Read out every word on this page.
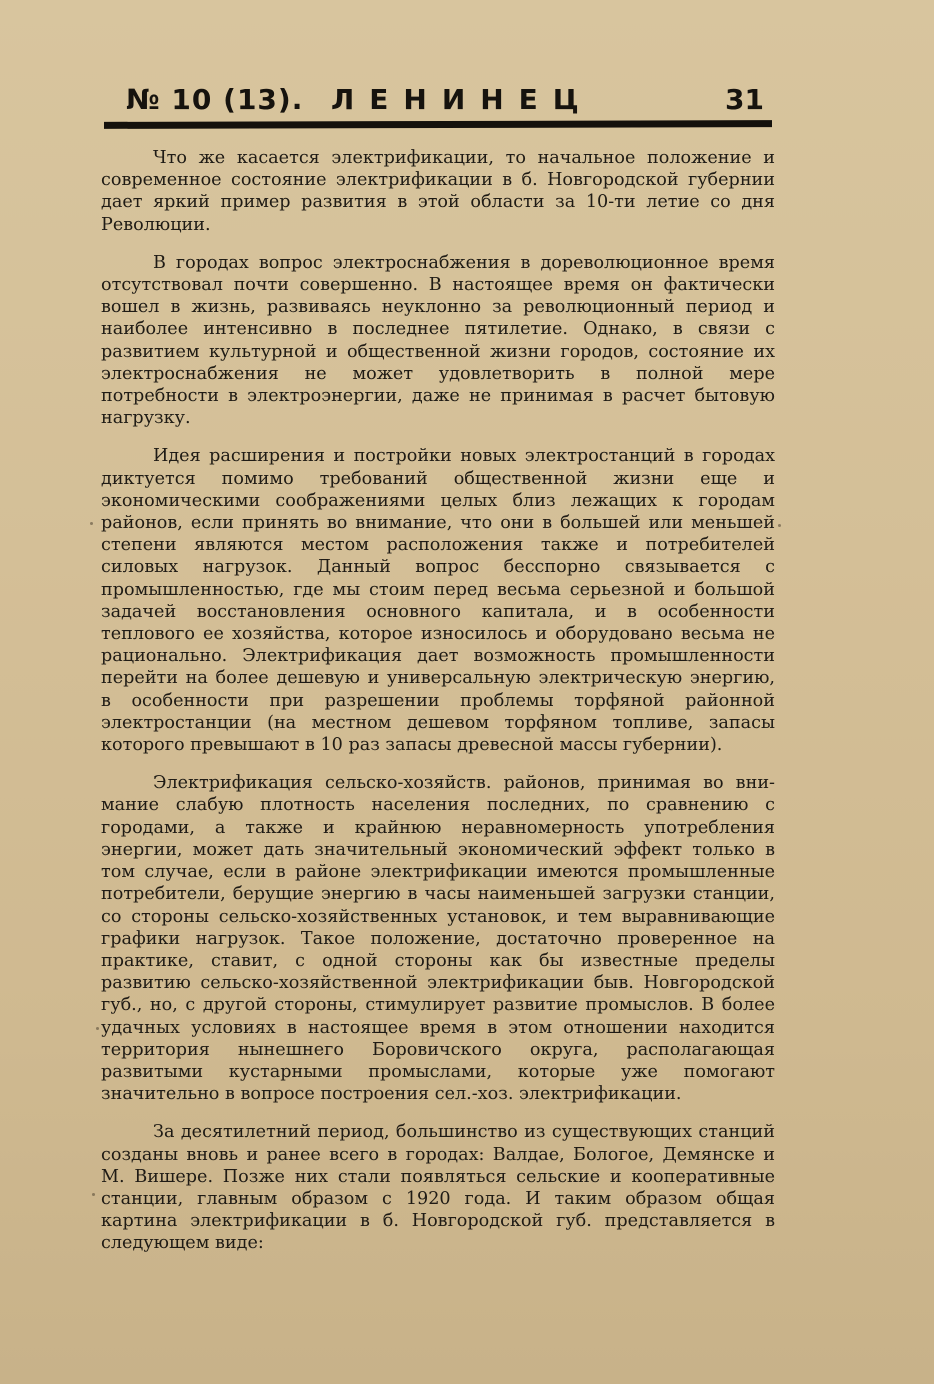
№ 10 (13). ЛЕНИНЕЦ	31

Что же касается электрификации, то начальное положение и современное состояние электрификации в б. Новгородской губернии дает яркий пример развития в этой области за 10-ти летие со дня Революции.

В городах вопрос электроснабжения в дореволюционное время отсутствовал почти совершенно. В настоящее время он фактически вошел в жизнь, развиваясь неуклонно за революционный период и наиболее интенсивно в последнее пятилетие. Однако, в связи с развитием культурной и общественной жизни городов, состояние их электроснабжения не может удовлетворить в полной мере потребности в электроэнергии, даже не принимая в расчет бытовую нагрузку.

Идея расширения и постройки новых электростанций в городах диктуется помимо требований общественной жизни еще и экономическими соображениями целых близ лежащих к городам районов, если принять во внимание, что они в большей или меньшей степени являются местом расположения также и потребителей силовых нагрузок. Данный вопрос бесспорно связывается с промышленностью, где мы стоим перед весьма серьезной и большой задачей восстановления основного капитала, и в особенности теплового ее хозяйства, которое износилось и оборудовано весьма не рационально. Электрификация дает возможность промышленности перейти на более дешевую и универсальную электрическую энергию, в особенности при разрешении проблемы торфяной районной электростанции (на местном дешевом торфяном топливе, запасы которого превышают в 10 раз запасы древесной массы губернии).

Электрификация сельско-хозяйств. районов, принимая во внимание слабую плотность населения последних, по сравнению с городами, а также и крайнюю неравномерность употребления энергии, может дать значительный экономический эффект только в том случае, если в районе электрификации имеются промышленные потребители, берущие энергию в часы наименьшей загрузки станции, со стороны сельско-хозяйственных установок, и тем выравнивающие графики нагрузок. Такое положение, достаточно проверенное на практике, ставит, с одной стороны как бы известные пределы развитию сельско-хозяйственной электрификации быв. Новгородской губ., но, с другой стороны, стимулирует развитие промыслов. В более удачных условиях в настоящее время в этом отношении находится территория нынешнего Боровичского округа, располагающая развитыми кустарными промыслами, которые уже помогают значительно в вопросе построения сел.-хоз. электрификации.

За десятилетний период, большинство из существующих станций созданы вновь и ранее всего в городах: Валдае, Бологое, Демянске и М. Вишере. Позже них стали появляться сельские и кооперативные станции, главным образом с 1920 года. И таким образом общая картина электрификации в б. Новгородской губ. представляется в следующем виде:
